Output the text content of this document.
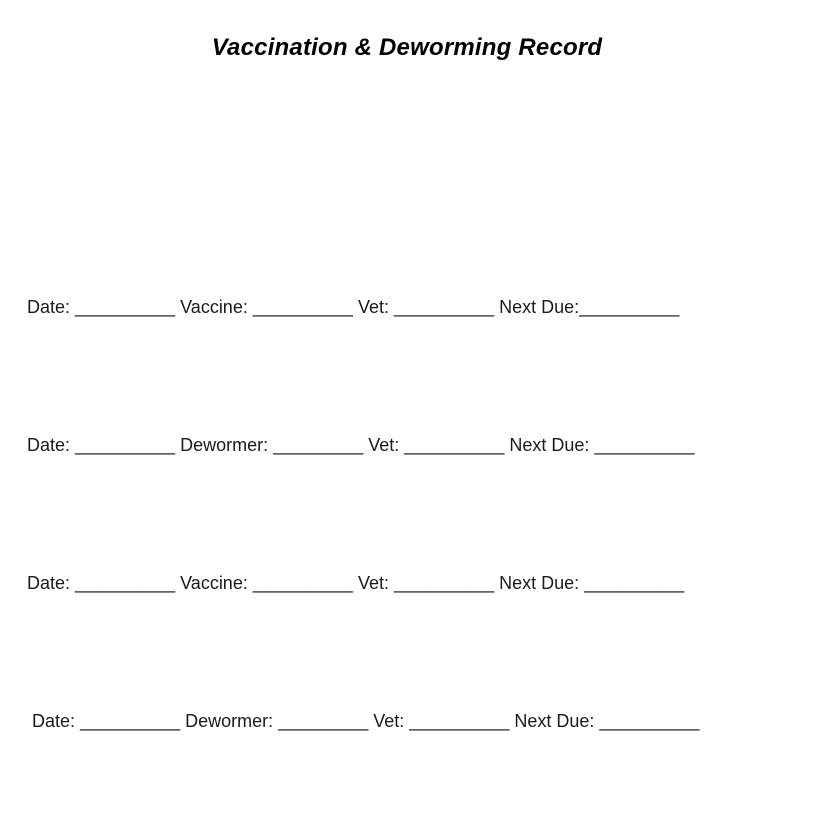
Vaccination & Deworming Record
Date: __________ Vaccine: __________ Vet: __________ Next Due:__________
Date: __________ Dewormer: _________ Vet: __________ Next Due: __________
Date: __________ Vaccine: __________ Vet: __________ Next Due: __________
Date: __________ Dewormer: _________ Vet: __________ Next Due: __________
